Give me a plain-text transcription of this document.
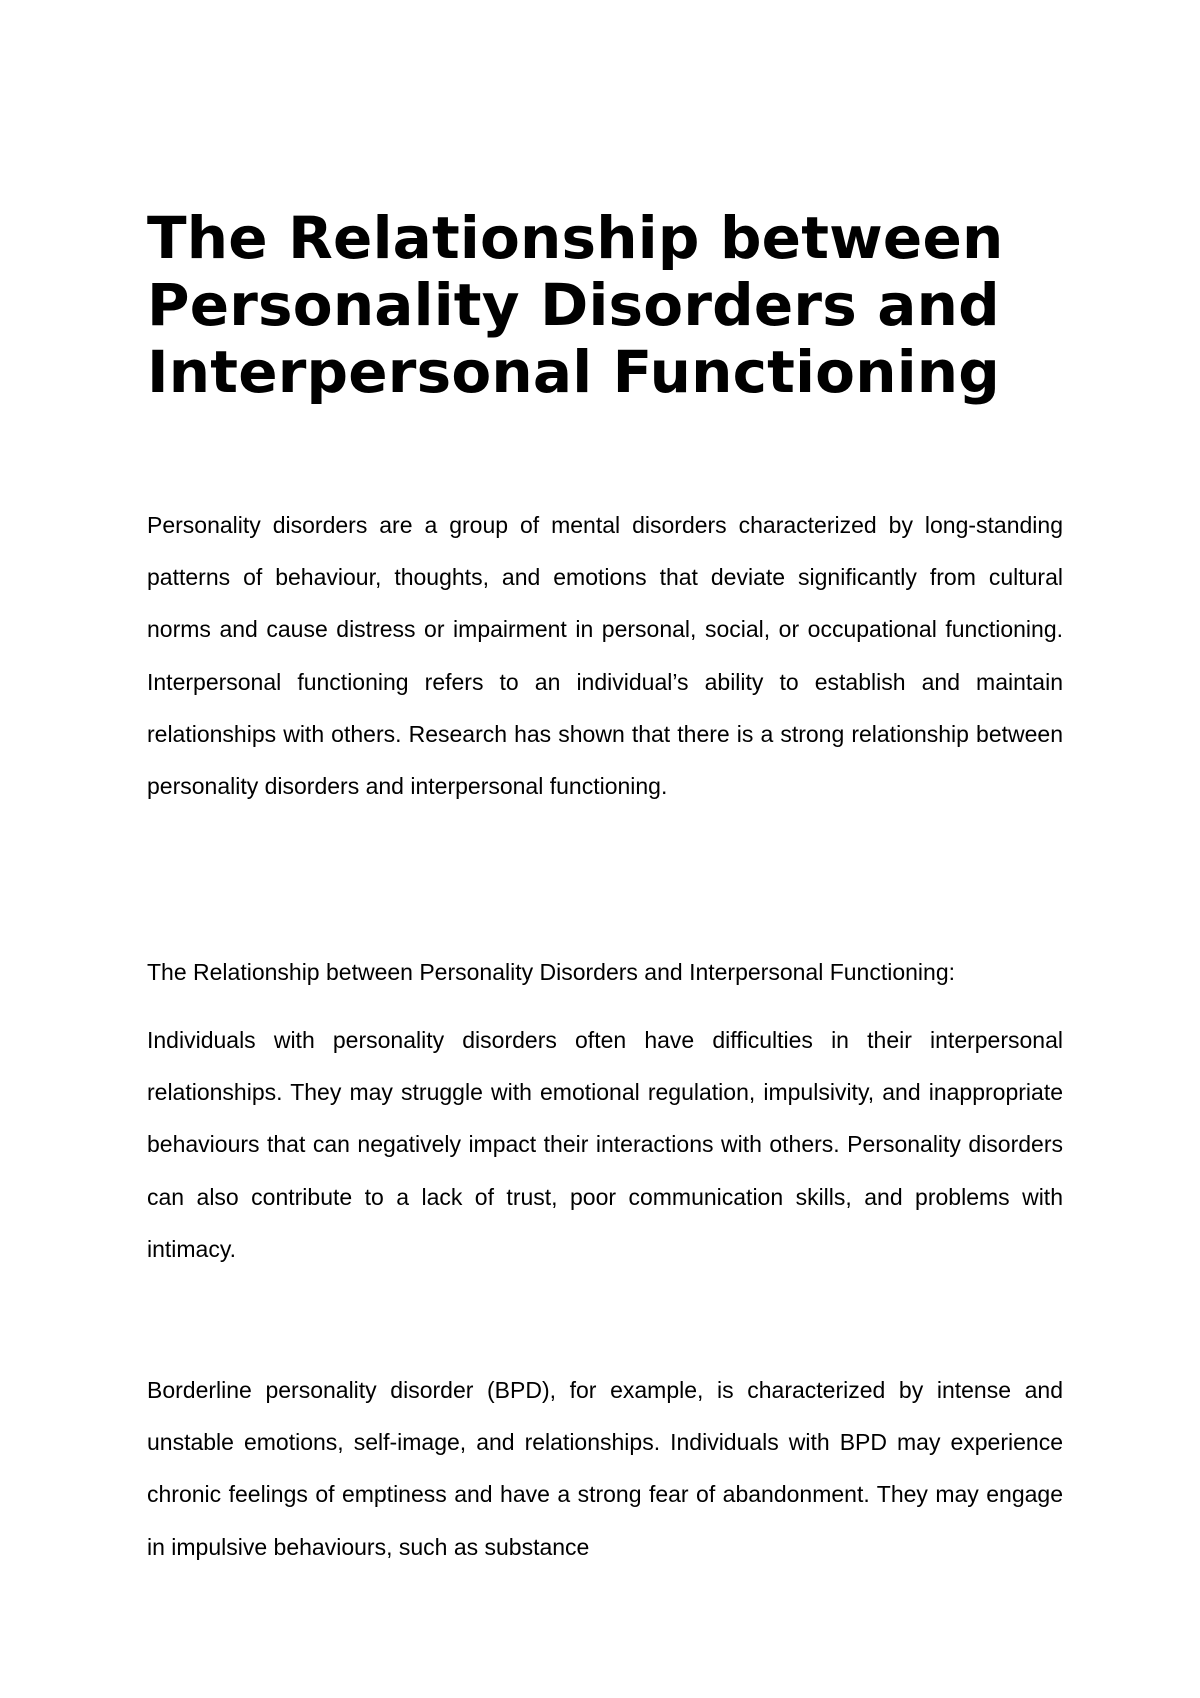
The Relationship between Personality Disorders and Interpersonal Functioning

Personality disorders are a group of mental disorders characterized by long-standing patterns of behaviour, thoughts, and emotions that deviate significantly from cultural norms and cause distress or impairment in personal, social, or occupational functioning. Interpersonal functioning refers to an individual’s ability to establish and maintain relationships with others. Research has shown that there is a strong relationship between personality disorders and interpersonal functioning.

The Relationship between Personality Disorders and Interpersonal Functioning:

Individuals with personality disorders often have difficulties in their interpersonal relationships. They may struggle with emotional regulation, impulsivity, and inappropriate behaviours that can negatively impact their interactions with others. Personality disorders can also contribute to a lack of trust, poor communication skills, and problems with intimacy.

Borderline personality disorder (BPD), for example, is characterized by intense and unstable emotions, self-image, and relationships. Individuals with BPD may experience chronic feelings of emptiness and have a strong fear of abandonment. They may engage in impulsive behaviours, such as substance
